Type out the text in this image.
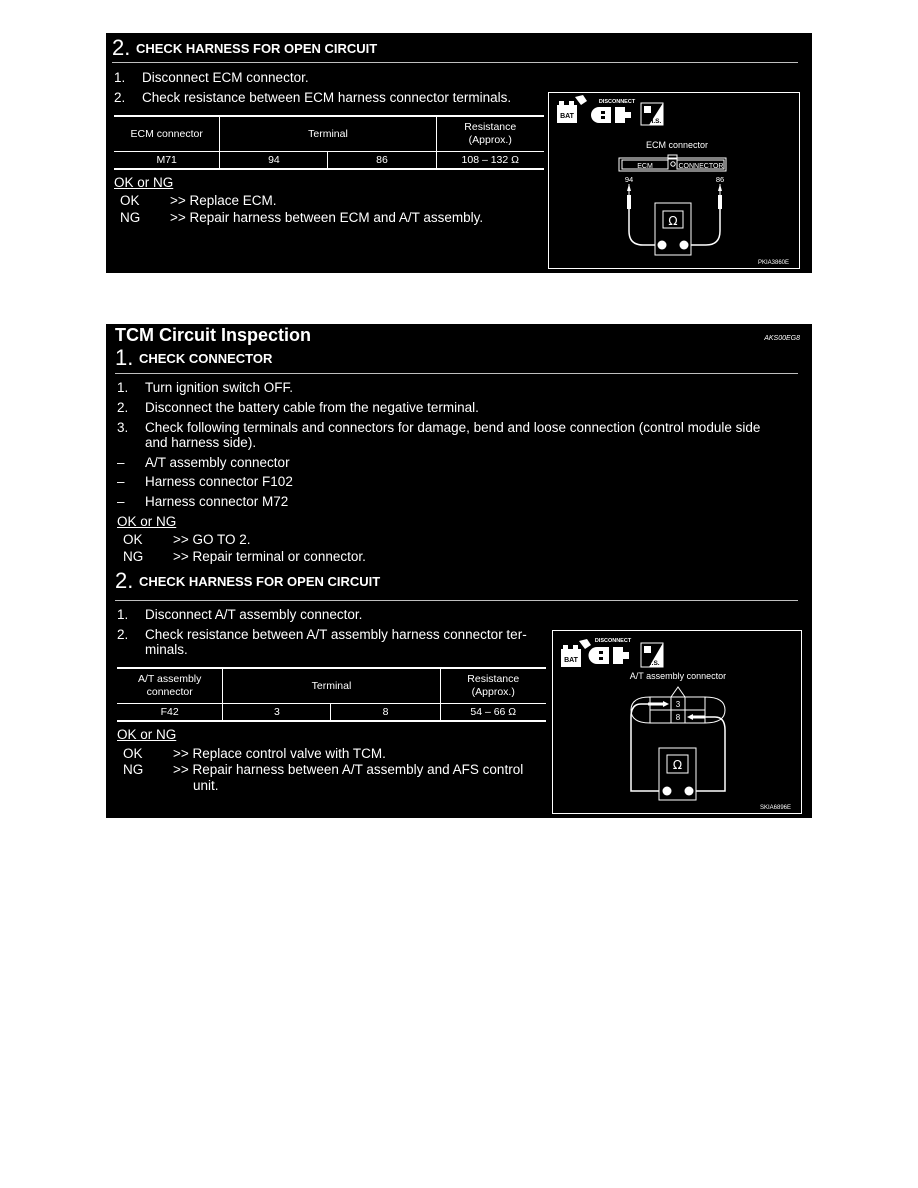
2. CHECK HARNESS FOR OPEN CIRCUIT
1. Disconnect ECM connector.
2. Check resistance between ECM harness connector terminals.
ECM connector	Terminal		Resistance
(Approx.)
M71	94	86	108 – 132 Ω
OK or NG
OK >> Replace ECM.
NG >> Repair harness between ECM and A/T assembly.
BAT
DISCONNECT
H.S.
ECM connector
ECM	CONNECTOR
94	86
Ω
PKIA3860E
TCM Circuit Inspection	AKS00EG8
1. CHECK CONNECTOR
1. Turn ignition switch OFF.
2. Disconnect the battery cable from the negative terminal.
3. Check following terminals and connectors for damage, bend and loose connection (control module side
and harness side).
– A/T assembly connector
– Harness connector F102
– Harness connector M72
OK or NG
OK >> GO TO 2.
NG >> Repair terminal or connector.
2. CHECK HARNESS FOR OPEN CIRCUIT
1. Disconnect A/T assembly connector.
2. Check resistance between A/T assembly harness connector ter-
minals.
A/T assembly
connector	Terminal		Resistance
(Approx.)
F42	3	8	54 – 66 Ω
OK or NG
OK >> Replace control valve with TCM.
NG >> Repair harness between A/T assembly and AFS control
unit.
BAT
DISCONNECT
T.S.
A/T assembly connector
3
8
Ω
SKIA6896E
